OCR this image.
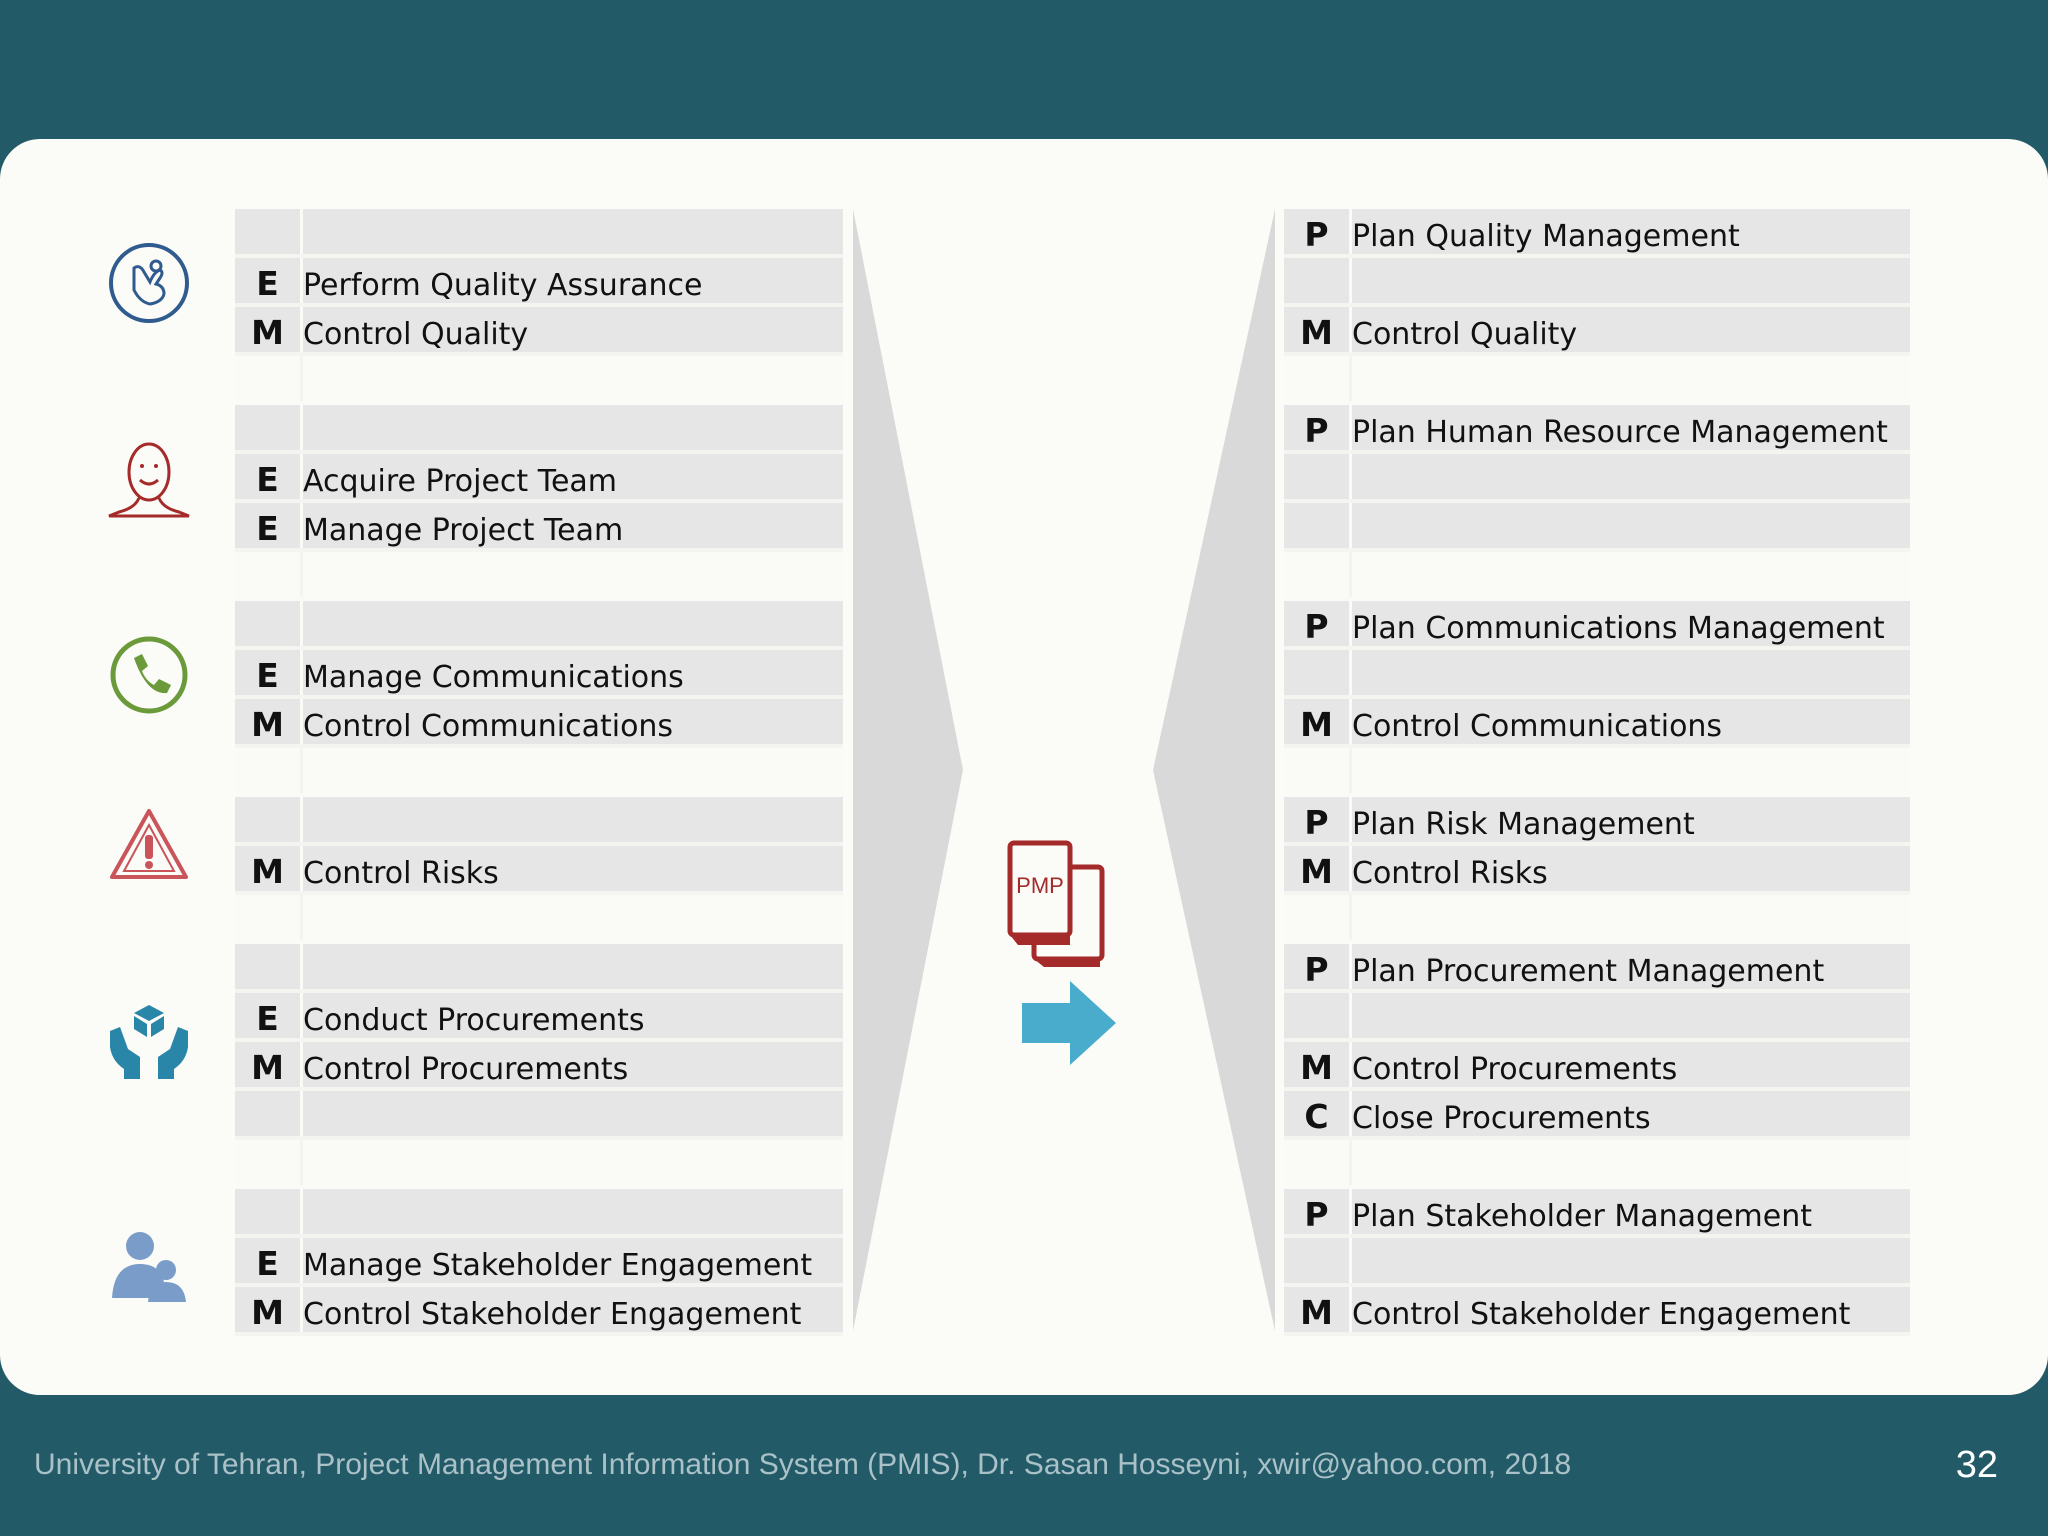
E Perform Quality Assurance
M Control Quality
E Acquire Project Team
E Manage Project Team
E Manage Communications
M Control Communications
M Control Risks
E Conduct Procurements
M Control Procurements
E Manage Stakeholder Engagement
M Control Stakeholder Engagement
P Plan Quality Management
M Control Quality
P Plan Human Resource Management
P Plan Communications Management
M Control Communications
P Plan Risk Management
M Control Risks
P Plan Procurement Management
M Control Procurements
C Close Procurements
P Plan Stakeholder Management
M Control Stakeholder Engagement
PMP
University of Tehran, Project Management Information System (PMIS), Dr. Sasan Hosseyni, xwir@yahoo.com, 2018	32
